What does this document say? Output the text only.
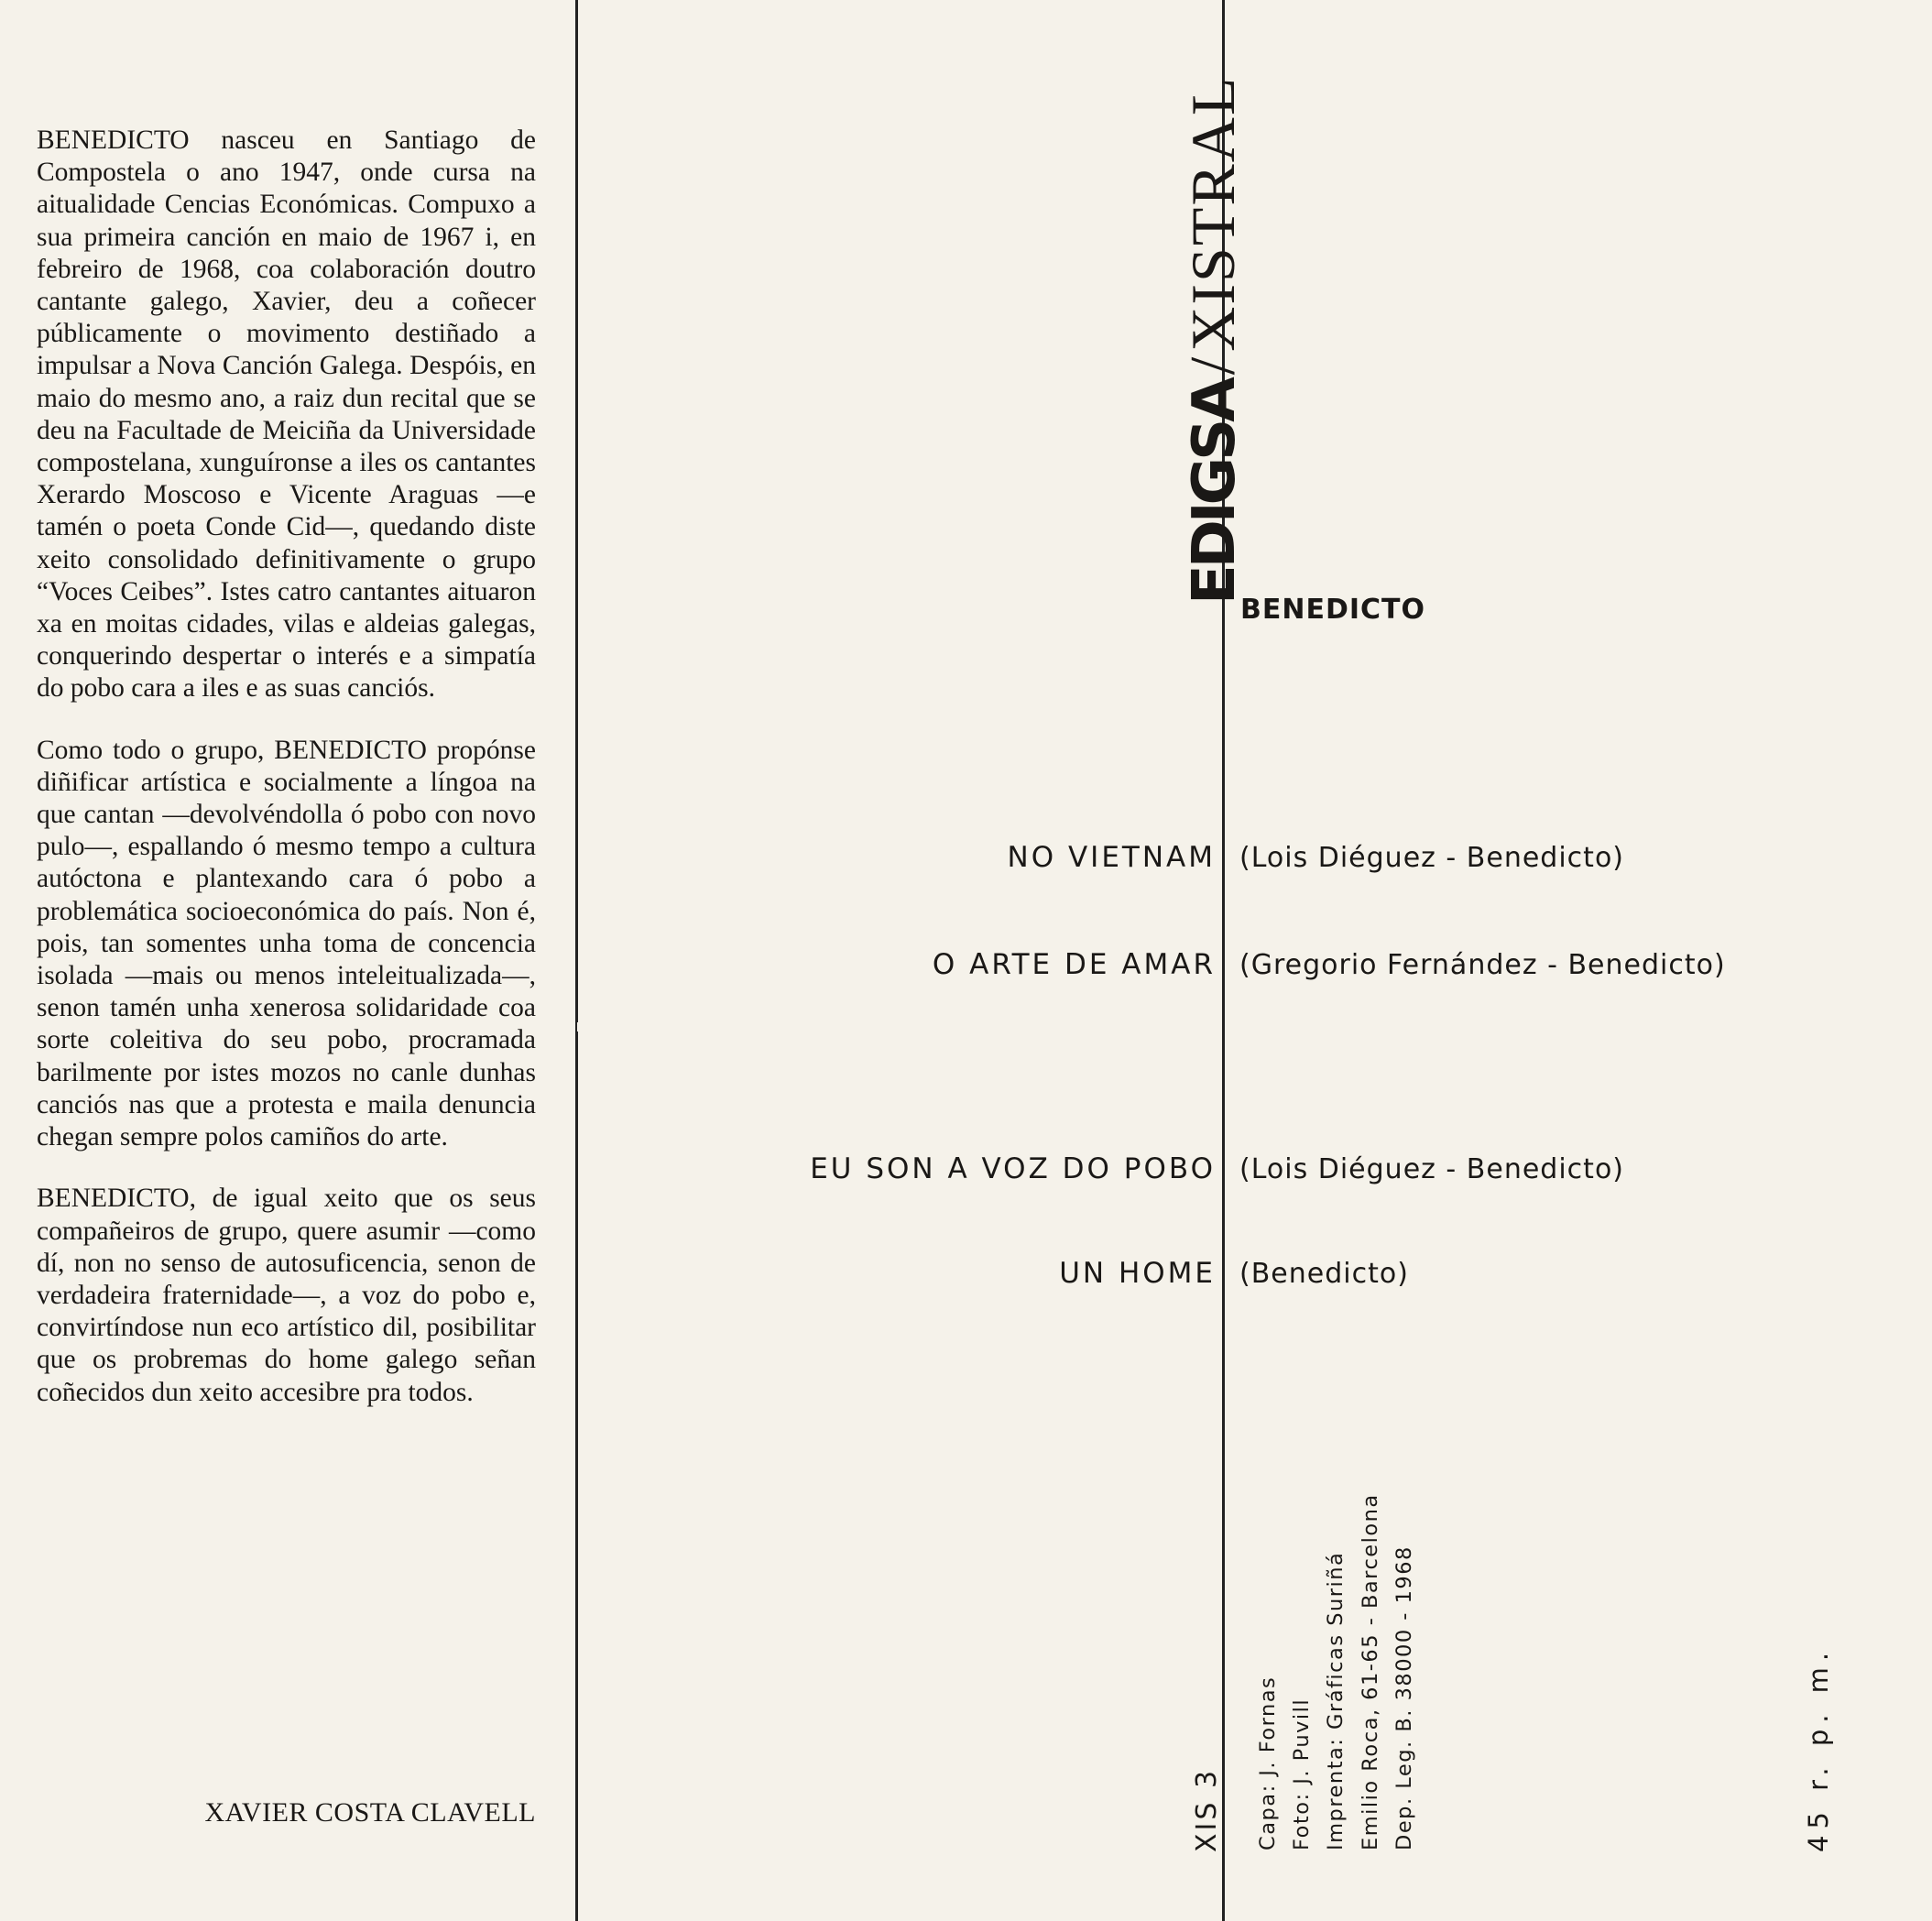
BENEDICTO nasceu en Santiago de Compostela o ano 1947, onde cursa na aitualidade Cencias Económicas. Compuxo a sua primeira canción en maio de 1967 i, en febreiro de 1968, coa colaboración doutro cantante galego, Xavier, deu a coñecer públicamente o movimento destiñado a impulsar a Nova Canción Galega. Despóis, en maio do mesmo ano, a raiz dun recital que se deu na Facultade de Meiciña da Universidade compostelana, xunguíronse a iles os cantantes Xerardo Moscoso e Vicente Araguas —e tamén o poeta Conde Cid—, quedando diste xeito consolidado definitivamente o grupo “Voces Ceibes”. Istes catro cantantes aituaron xa en moitas cidades, vilas e aldeias galegas, conquerindo despertar o interés e a simpatía do pobo cara a iles e as suas canciós.

Como todo o grupo, BENEDICTO propónse diñificar artística e socialmente a língoa na que cantan —devolvéndolla ó pobo con novo pulo—, espallando ó mesmo tempo a cultura autóctona e plantexando cara ó pobo a problemática socioeconómica do país. Non é, pois, tan somentes unha toma de concencia isolada —mais ou menos inteleitualizada—, senon tamén unha xenerosa solidaridade coa sorte coleitiva do seu pobo, procramada barilmente por istes mozos no canle dunhas canciós nas que a protesta e maila denuncia chegan sempre polos camiños do arte.

BENEDICTO, de igual xeito que os seus compañeiros de grupo, quere asumir —como dí, non no senso de autosuficencia, senon de verdadeira fraternidade—, a voz do pobo e, convirtíndose nun eco artístico dil, posibilitar que os probremas do home galego señan coñecidos dun xeito accesibre pra todos.

XAVIER COSTA CLAVELL
EDIGSA
/
XISTRAL
BENEDICTO
NO VIETNAM (Lois Diéguez - Benedicto)
O ARTE DE AMAR (Gregorio Fernández - Benedicto)
EU SON A VOZ DO POBO (Lois Diéguez - Benedicto)
UN HOME (Benedicto)
XIS 3 Capa: J. Fornas Foto: J. Puvill Imprenta: Gráficas Suriñá Emilio Roca, 61-65 - Barcelona Dep. Leg. B. 38000 - 1968	45 r. p. m.
